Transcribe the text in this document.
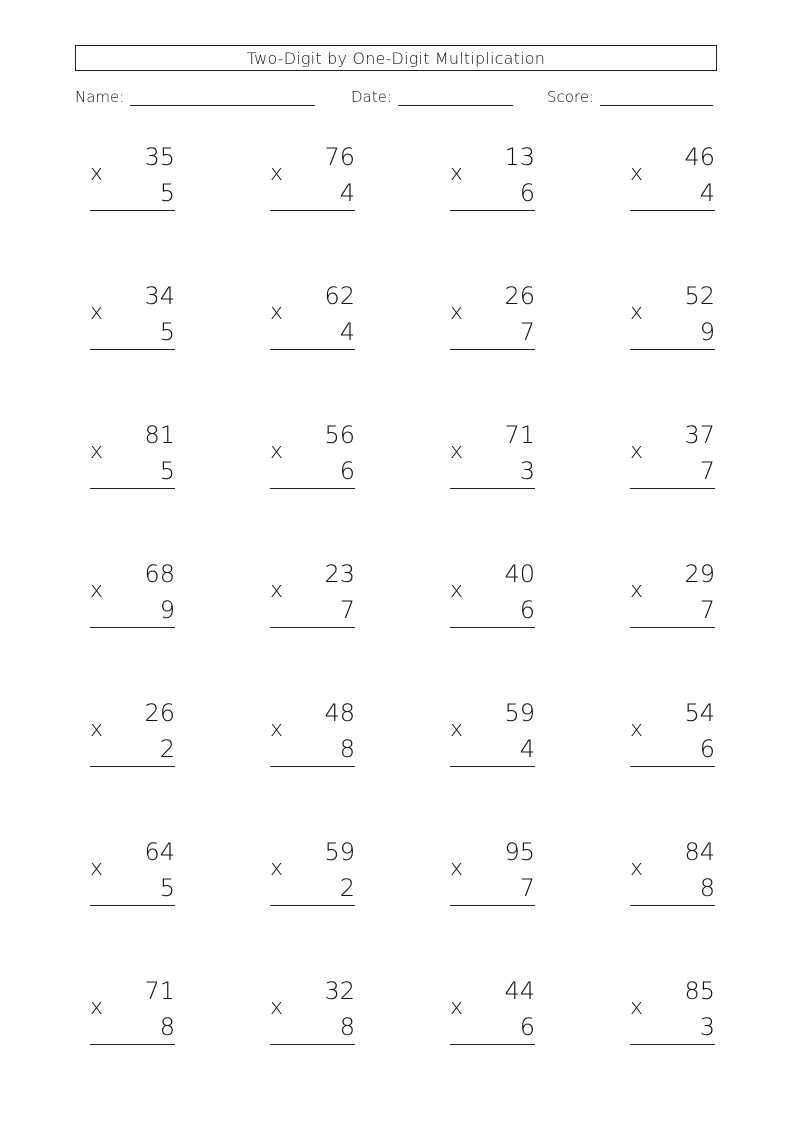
Two-Digit by One-Digit Multiplication
Name:	Date:	Score:
35
x
5
76
x
4
13
x
6
46
x
4
34
x
5
62
x
4
26
x
7
52
x
9
81
x
5
56
x
6
71
x
3
37
x
7
68
x
9
23
x
7
40
x
6
29
x
7
26
x
2
48
x
8
59
x
4
54
x
6
64
x
5
59
x
2
95
x
7
84
x
8
71
x
8
32
x
8
44
x
6
85
x
3
